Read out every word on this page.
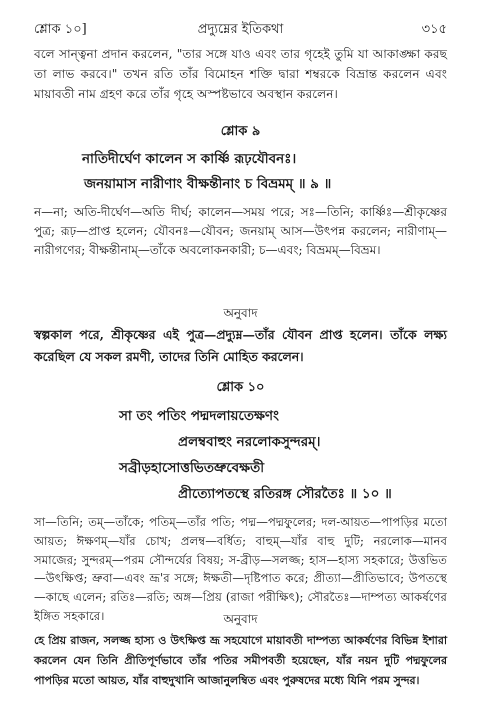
শ্লোক ১০]	প্রদ্যুম্নের ইতিকথা	৩১৫
বলে সান্ত্বনা প্রদান করলেন, "তার সঙ্গে যাও এবং তার গৃহেই তুমি যা আকাঙ্ক্ষা করছ তা লাভ করবে।" তখন রতি তাঁর বিমোহন শক্তি দ্বারা শম্বরকে বিভ্রান্ত করলেন এবং মায়াবতী নাম গ্রহণ করে তাঁর গৃহে অস্পষ্টভাবে অবস্থান করলেন।
শ্লোক ৯
নাতিদীর্ঘেণ কালেন স কার্ষ্ণি রূঢ়যৌবনঃ।
জনয়ামাস নারীণাং বীক্ষন্তীনাং চ বিভ্রমম্ ॥ ৯ ॥
ন—না; অতি-দীর্ঘেণ—অতি দীর্ঘ; কালেন—সময় পরে; সঃ—তিনি; কার্ষ্ণিঃ—শ্রীকৃষ্ণের পুত্র; রূঢ়—প্রাপ্ত হলেন; যৌবনঃ—যৌবন; জনয়াম্ আস—উৎপন্ন করলেন; নারীণাম্—নারীগণের; বীক্ষন্তীনাম্—তাঁকে অবলোকনকারী; চ—এবং; বিভ্রমম্—বিভ্রম।
অনুবাদ
স্বল্পকাল পরে, শ্রীকৃষ্ণের এই পুত্র—প্রদ্যুম্ন—তাঁর যৌবন প্রাপ্ত হলেন। তাঁকে লক্ষ্য করেছিল যে সকল রমণী, তাদের তিনি মোহিত করলেন।
শ্লোক ১০
সা তং পতিং পদ্মদলায়তেক্ষণং
প্রলম্ববাহুং নরলোকসুন্দরম্।
সব্রীড়হাসোত্তভিতভ্রুবেক্ষতী
প্রীত্যোপতস্থে রতিরঙ্গ সৌরতৈঃ ॥ ১০ ॥
সা—তিনি; তম্—তাঁকে; পতিম্—তাঁর পতি; পদ্ম—পদ্মফুলের; দল-আয়ত—পাপড়ির মতো আয়ত; ঈক্ষণম্—যাঁর চোখ; প্রলম্ব—বর্ধিত; বাহুম্—যাঁর বাহু দুটি; নরলোক—মানব সমাজের; সুন্দরম্—পরম সৌন্দর্যের বিষয়; স-ব্রীড়—সলজ্জ; হাস—হাস্য সহকারে; উত্তভিত—উৎক্ষিপ্ত; ভ্রুবা—এবং ভ্রূ'র সঙ্গে; ঈক্ষতী—দৃষ্টিপাত করে; প্রীত্যা—প্রীতিভাবে; উপতস্থে—কাছে এলেন; রতিঃ—রতি; অঙ্গ—প্রিয় (রাজা পরীক্ষিৎ); সৌরতৈঃ—দাম্পত্য আকর্ষণের ইঙ্গিত সহকারে।	অনুবাদ
হে প্রিয় রাজন, সলজ্জ হাস্য ও উৎক্ষিপ্ত ভ্রূ সহযোগে মায়াবতী দাম্পত্য আকর্ষণের বিভিন্ন ইশারা করলেন যেন তিনি প্রীতিপূর্ণভাবে তাঁর পতির সমীপবর্তী হয়েছেন, যাঁর নয়ন দুটি পদ্মফুলের পাপড়ির মতো আয়ত, যাঁর বাহুদুখানি আজানুলম্বিত এবং পুরুষদের মধ্যে যিনি পরম সুন্দর।
